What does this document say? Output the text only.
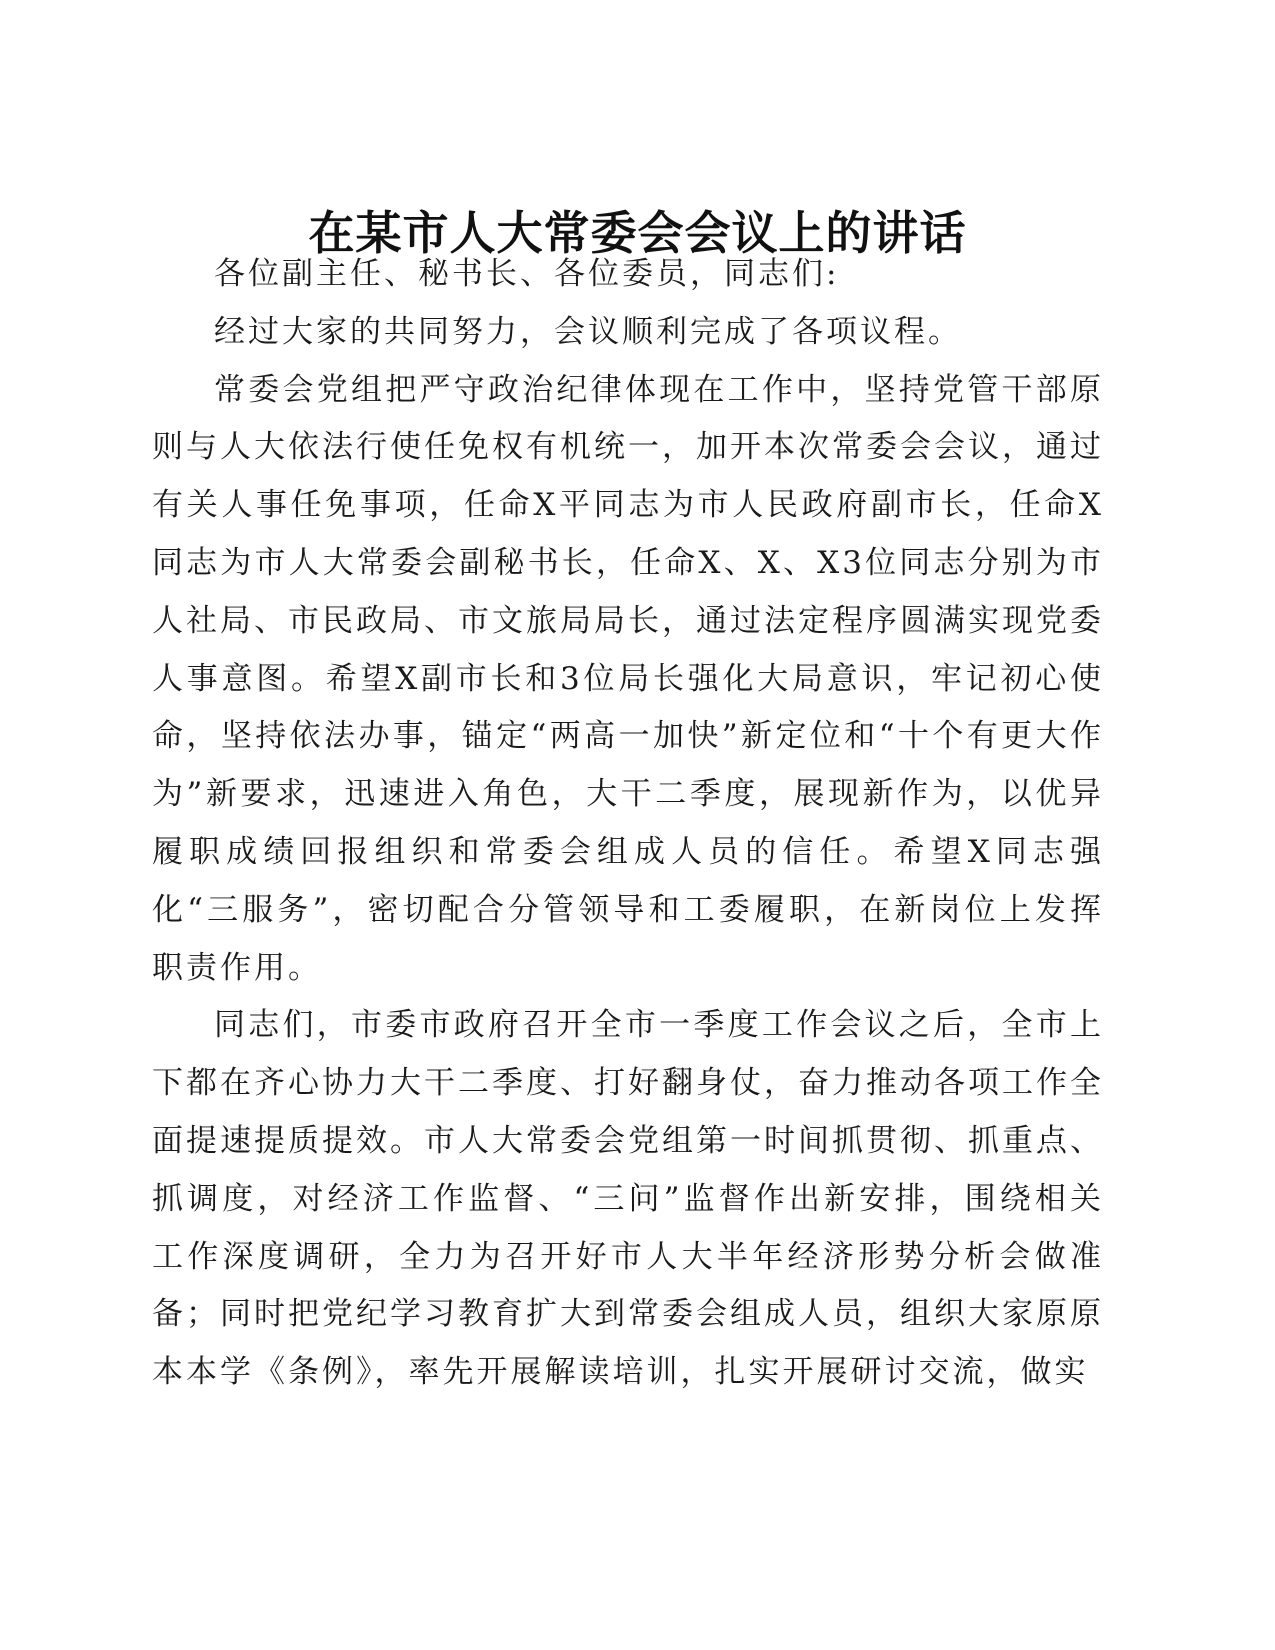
在某市人大常委会会议上的讲话

各位副主任、秘书长、各位委员，同志们:

经过大家的共同努力，会议顺利完成了各项议程。

常委会党组把严守政治纪律体现在工作中，坚持党管干部原则与人大依法行使任免权有机统一，加开本次常委会会议，通过有关人事任免事项，任命X平同志为市人民政府副市长，任命X同志为市人大常委会副秘书长，任命X、X、X3位同志分别为市人社局、市民政局、市文旅局局长，通过法定程序圆满实现党委人事意图。希望X副市长和3位局长强化大局意识，牢记初心使命，坚持依法办事，锚定“两高一加快”新定位和“十个有更大作为”新要求，迅速进入角色，大干二季度，展现新作为，以优异履职成绩回报组织和常委会组成人员的信任。希望X同志强化“三服务”，密切配合分管领导和工委履职，在新岗位上发挥职责作用。

同志们，市委市政府召开全市一季度工作会议之后，全市上下都在齐心协力大干二季度、打好翻身仗，奋力推动各项工作全面提速提质提效。市人大常委会党组第一时间抓贯彻、抓重点、抓调度，对经济工作监督、“三问”监督作出新安排，围绕相关工作深度调研，全力为召开好市人大半年经济形势分析会做准备；同时把党纪学习教育扩大到常委会组成人员，组织大家原原本本学《条例》，率先开展解读培训，扎实开展研讨交流，做实
